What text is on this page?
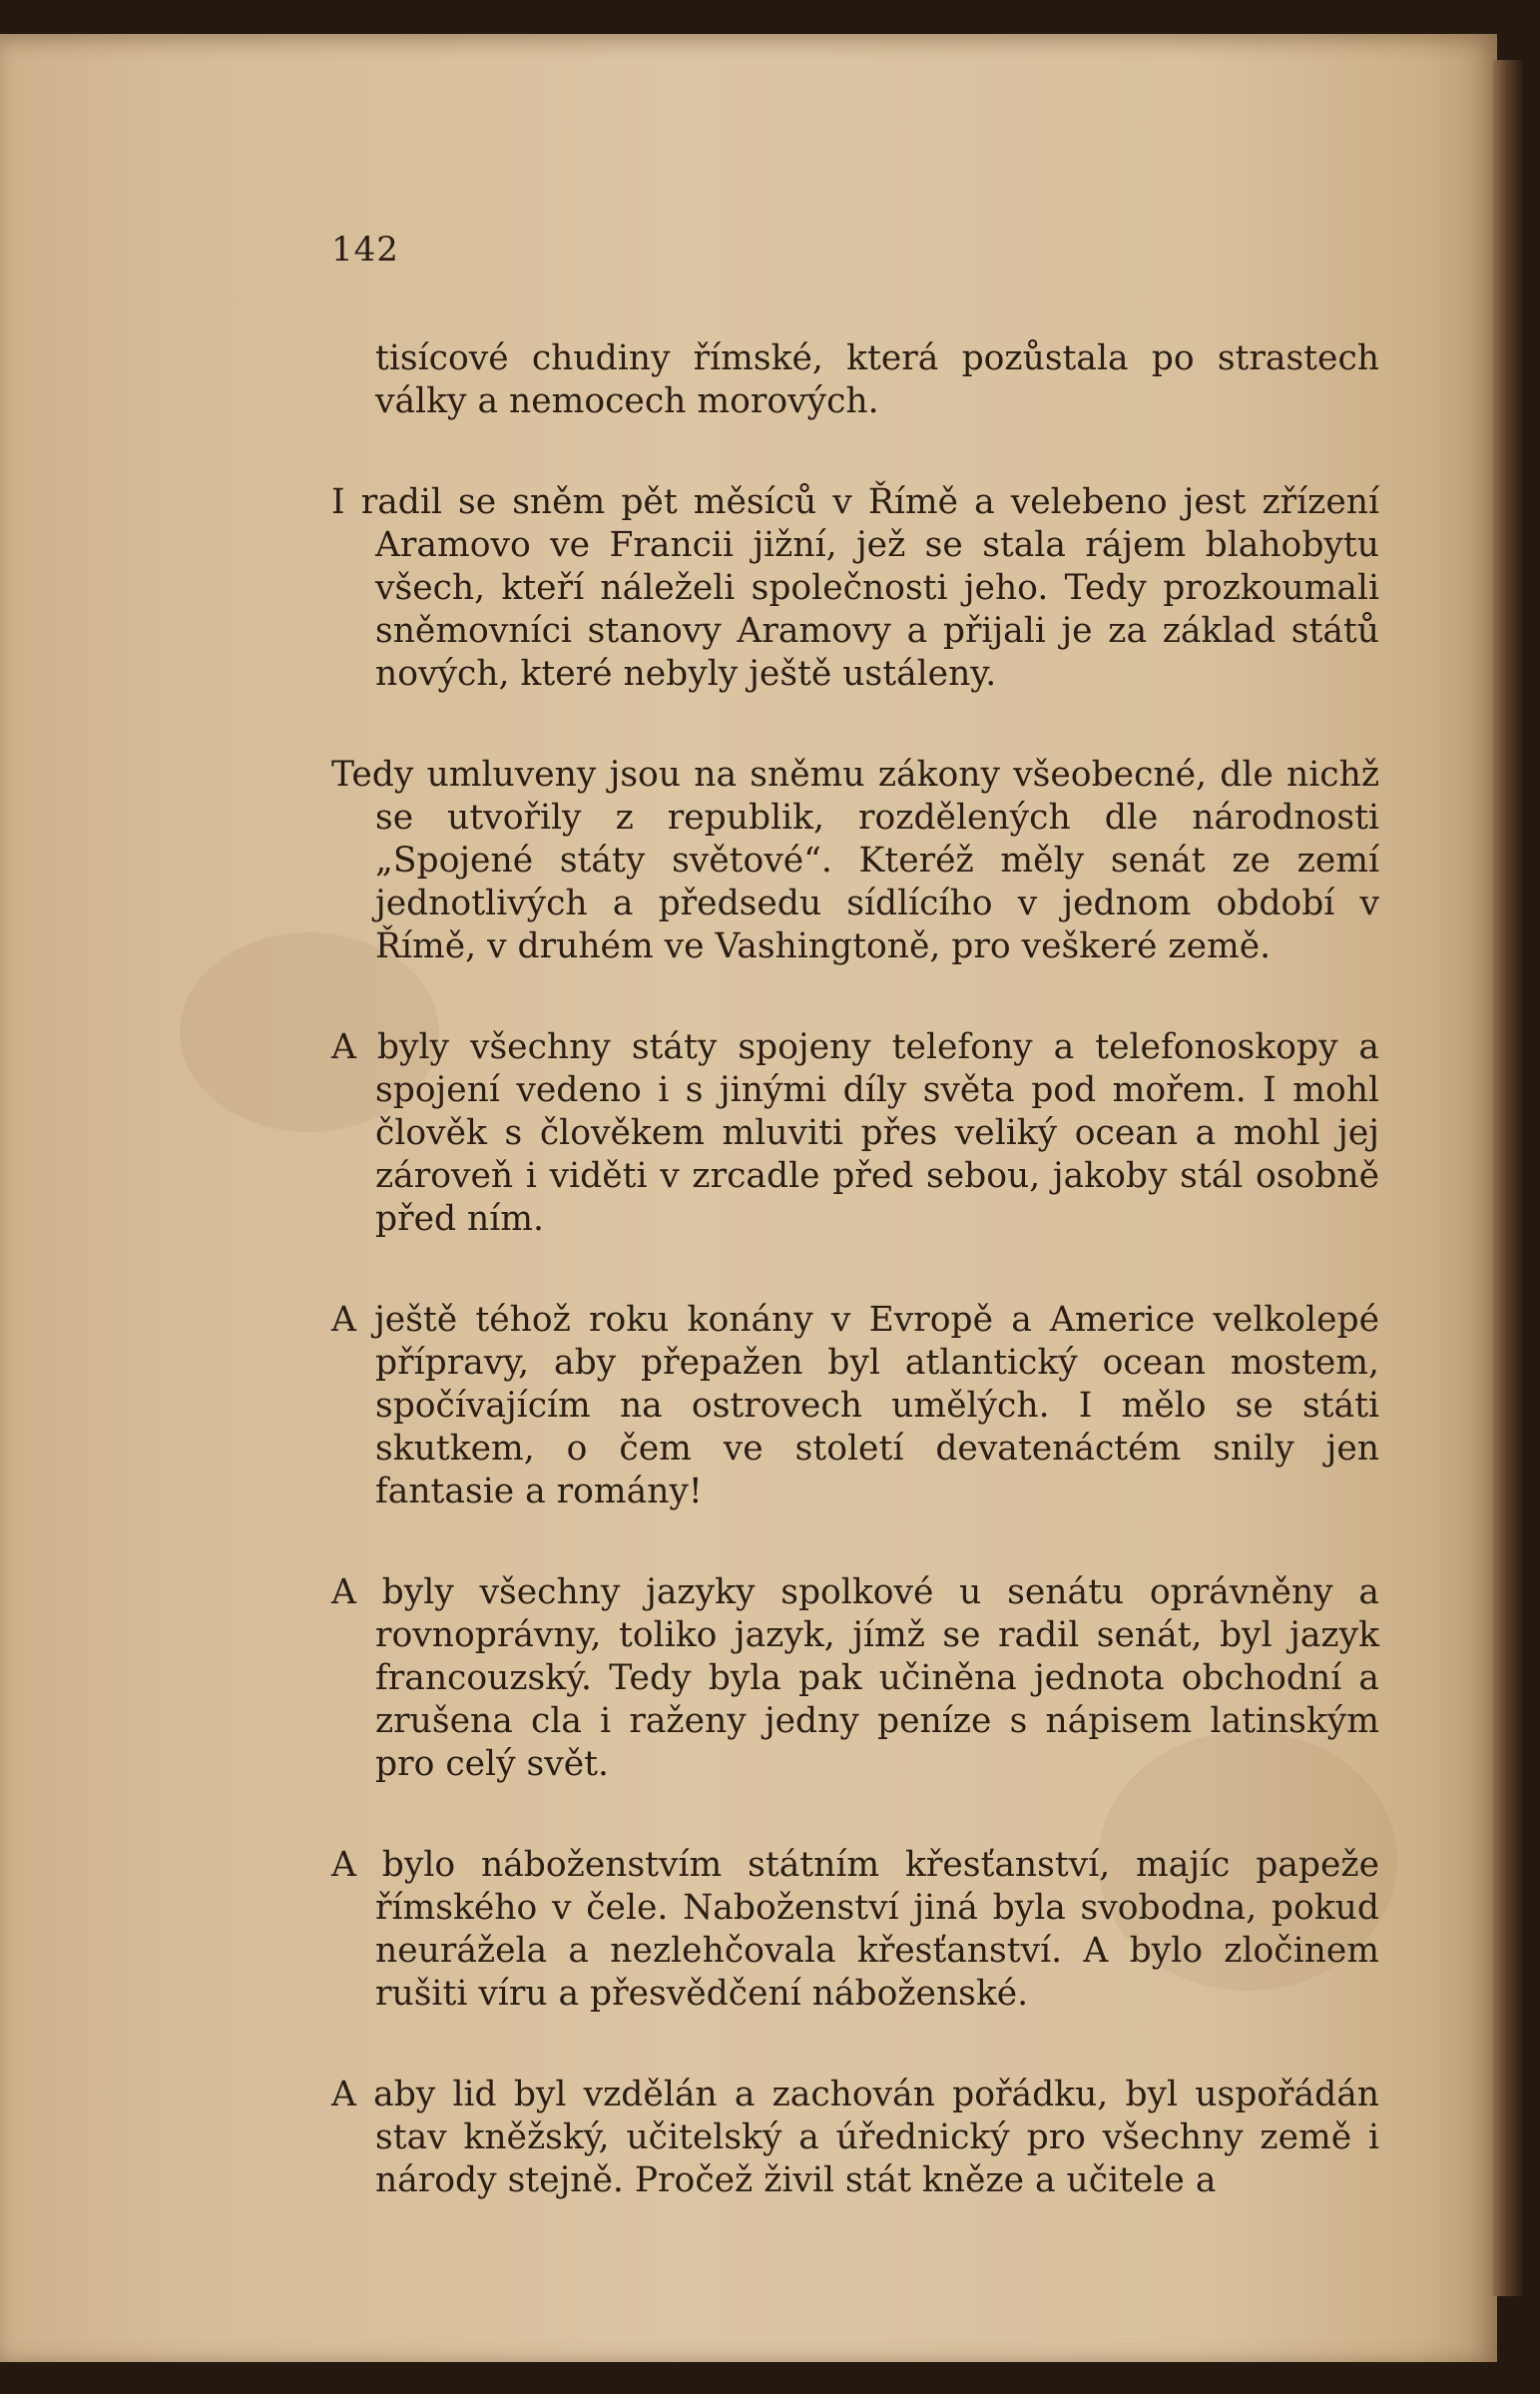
142

tisícové chudiny římské, která pozůstala po strastech války a nemocech morových.

I radil se sněm pět měsíců v Římě a velebeno jest zřízení Aramovo ve Francii jižní, jež se stala rájem blahobytu všech, kteří náleželi společnosti jeho. Tedy prozkoumali sněmovníci stanovy Aramovy a přijali je za základ států nových, které nebyly ještě ustáleny.

Tedy umluveny jsou na sněmu zákony všeobecné, dle nichž se utvořily z republik, rozdělených dle národnosti „Spojené státy světové“. Kteréž měly senát ze zemí jednotlivých a předsedu sídlícího v jednom období v Římě, v druhém ve Vashingtoně, pro veškeré země.

A byly všechny státy spojeny telefony a telefonoskopy a spojení vedeno i s jinými díly světa pod mořem. I mohl člověk s člověkem mluviti přes veliký ocean a mohl jej zároveň i viděti v zrcadle před sebou, jakoby stál osobně před ním.

A ještě téhož roku konány v Evropě a Americe velkolepé přípravy, aby přepažen byl atlantický ocean mostem, spočívajícím na ostrovech umělých. I mělo se státi skutkem, o čem ve století devatenáctém snily jen fantasie a romány!

A byly všechny jazyky spolkové u senátu oprávněny a rovnoprávny, toliko jazyk, jímž se radil senát, byl jazyk francouzský. Tedy byla pak učiněna jednota obchodní a zrušena cla i raženy jedny peníze s nápisem latinským pro celý svět.

A bylo náboženstvím státním křesťanství, majíc papeže římského v čele. Naboženství jiná byla svobodna, pokud neurážela a nezlehčovala křesťanství. A bylo zločinem rušiti víru a přesvědčení náboženské.

A aby lid byl vzdělán a zachován pořádku, byl uspořádán stav kněžský, učitelský a úřednický pro všechny země i národy stejně. Pročež živil stát kněze a učitele a
